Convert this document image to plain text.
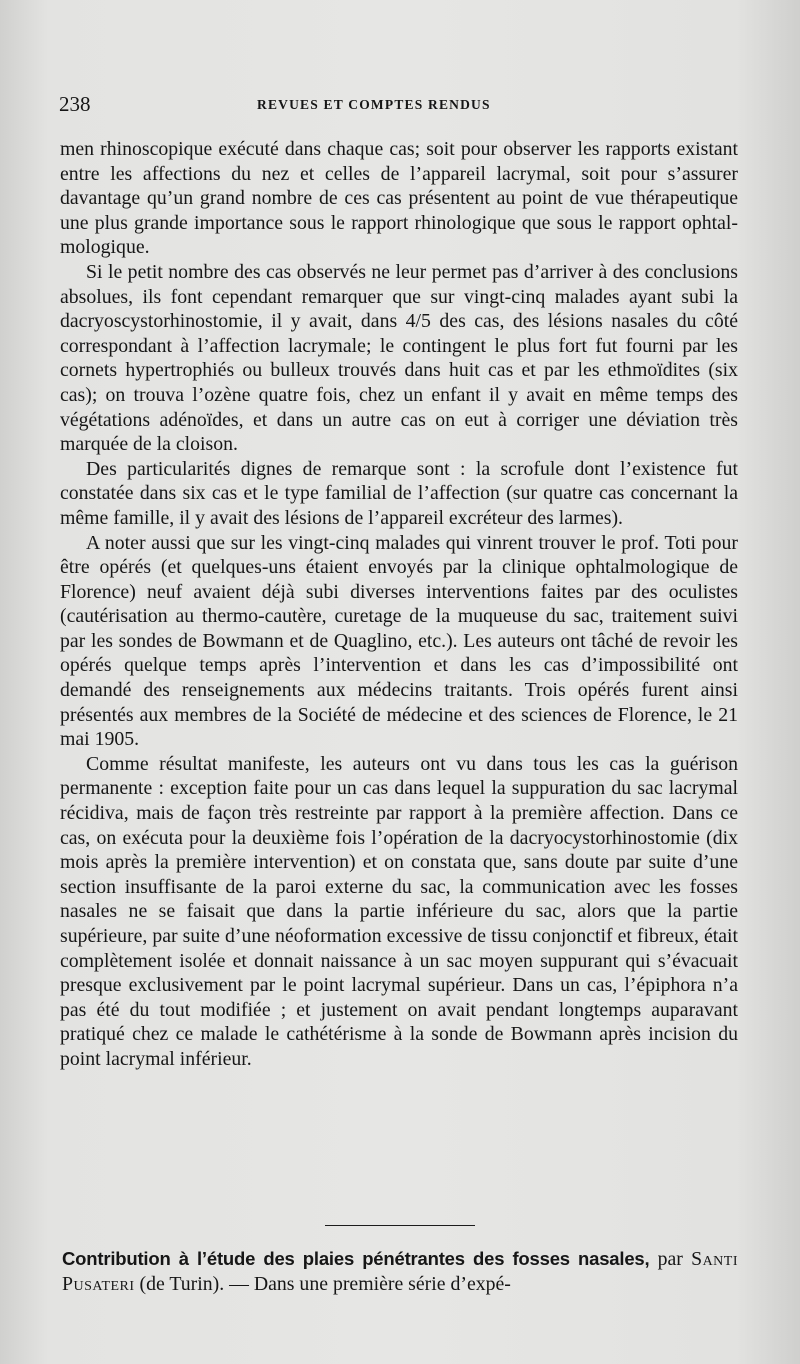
238	REVUES ET COMPTES RENDUS

men rhinoscopique exécuté dans chaque cas; soit pour observer les rapports existant entre les affections du nez et celles de l’appareil lacrymal, soit pour s’assurer davantage qu’un grand nombre de ces cas présentent au point de vue thérapeutique une plus grande importance sous le rapport rhinologique que sous le rapport ophtalmologique.

Si le petit nombre des cas observés ne leur permet pas d’arriver à des conclusions absolues, ils font cependant remarquer que sur vingt-cinq malades ayant subi la dacryoscystorhinostomie, il y avait, dans 4/5 des cas, des lésions nasales du côté correspondant à l’affection lacrymale; le contingent le plus fort fut fourni par les cornets hypertrophiés ou bulleux trouvés dans huit cas et par les ethmoïdites (six cas); on trouva l’ozène quatre fois, chez un enfant il y avait en même temps des végétations adénoïdes, et dans un autre cas on eut à corriger une déviation très marquée de la cloison.

Des particularités dignes de remarque sont : la scrofule dont l’existence fut constatée dans six cas et le type familial de l’affection (sur quatre cas concernant la même famille, il y avait des lésions de l’appareil excréteur des larmes).

A noter aussi que sur les vingt-cinq malades qui vinrent trouver le prof. Toti pour être opérés (et quelques-uns étaient envoyés par la clinique ophtalmologique de Florence) neuf avaient déjà subi diverses interventions faites par des oculistes (cautérisation au thermo-cautère, curetage de la muqueuse du sac, traitement suivi par les sondes de Bowmann et de Quaglino, etc.). Les auteurs ont tâché de revoir les opérés quelque temps après l’intervention et dans les cas d’impossibilité ont demandé des renseignements aux médecins traitants. Trois opérés furent ainsi présentés aux membres de la Société de médecine et des sciences de Florence, le 21 mai 1905.

Comme résultat manifeste, les auteurs ont vu dans tous les cas la guérison permanente : exception faite pour un cas dans lequel la suppuration du sac lacrymal récidiva, mais de façon très restreinte par rapport à la première affection. Dans ce cas, on exécuta pour la deuxième fois l’opération de la dacryocystorhinostomie (dix mois après la première intervention) et on constata que, sans doute par suite d’une section insuffisante de la paroi externe du sac, la communication avec les fosses nasales ne se faisait que dans la partie inférieure du sac, alors que la partie supérieure, par suite d’une néoformation excessive de tissu conjonctif et fibreux, était complètement isolée et donnait naissance à un sac moyen suppurant qui s’évacuait presque exclusivement par le point lacrymal supérieur. Dans un cas, l’épiphora n’a pas été du tout modifiée ; et justement on avait pendant longtemps auparavant pratiqué chez ce malade le cathétérisme à la sonde de Bowmann après incision du point lacrymal inférieur.

Contribution à l’étude des plaies pénétrantes des fosses nasales, par Santi Pusateri (de Turin). — Dans une première série d’expé-
